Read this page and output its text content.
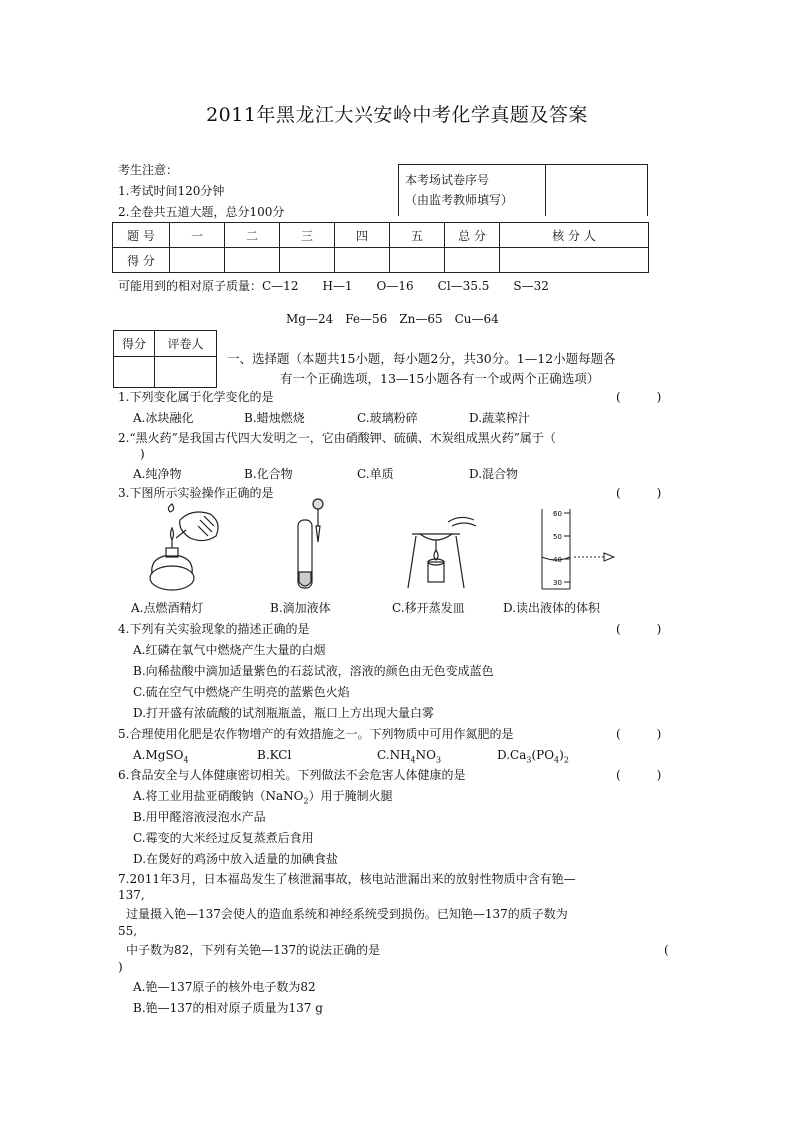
2011年黑龙江大兴安岭中考化学真题及答案
考生注意：
1.考试时间120分钟
2.全卷共五道大题，总分100分
本考场试卷序号
（由监考教师填写）

题 号	一	二	三	四	五	总 分	核 分 人
得 分							
可能用到的相对原子质量：C—12　　H—1　　O—16　　Cl—35.5　　S—32
Mg—24　Fe—56　Zn—65　Cu—64
得分	评卷人

一、选择题（本题共15小题，每小题2分，共30分。1—12小题每题各
有一个正确选项，13—15小题各有一个或两个正确选项）
1.下列变化属于化学变化的是	(　　　)
A.冰块融化	B.蜡烛燃烧	C.玻璃粉碎	D.蔬菜榨汁
2.“黑火药”是我国古代四大发明之一，它由硝酸钾、硫磺、木炭组成黑火药”属于（
)
A.纯净物	B.化合物	C.单质	D.混合物
3.下图所示实验操作正确的是	(　　　)
60
50
40
30
A.点燃酒精灯	B.滴加液体	C.移开蒸发皿	D.读出液体的体积
4.下列有关实验现象的描述正确的是	(　　　)
A.红磷在氧气中燃烧产生大量的白烟
B.向稀盐酸中滴加适量紫色的石蕊试液，溶液的颜色由无色变成蓝色
C.硫在空气中燃烧产生明亮的蓝紫色火焰
D.打开盛有浓硫酸的试剂瓶瓶盖，瓶口上方出现大量白雾
5.合理使用化肥是农作物增产的有效措施之一。下列物质中可用作氮肥的是	(　　　)
A.MgSO$_4$	B.KCl	$C.NH_4NO_3$	$D.Ca_3(PO_4)_2$
6.食品安全与人体健康密切相关。下列做法不会危害人体健康的是	(　　　)
A.将工业用盐亚硝酸钠（NaNO$_2$）用于腌制火腿
B.用甲醛溶液浸泡水产品
C.霉变的大米经过反复蒸煮后食用
D.在煲好的鸡汤中放入适量的加碘食盐
7.2011年3月，日本福岛发生了核泄漏事故，核电站泄漏出来的放射性物质中含有铯—
137,
过量摄入铯—137会使人的造血系统和神经系统受到损伤。已知铯—137的质子数为
55,
中子数为82，下列有关铯—137的说法正确的是	(
)
A.铯—137原子的核外电子数为82
B.铯—137的相对原子质量为137 g
